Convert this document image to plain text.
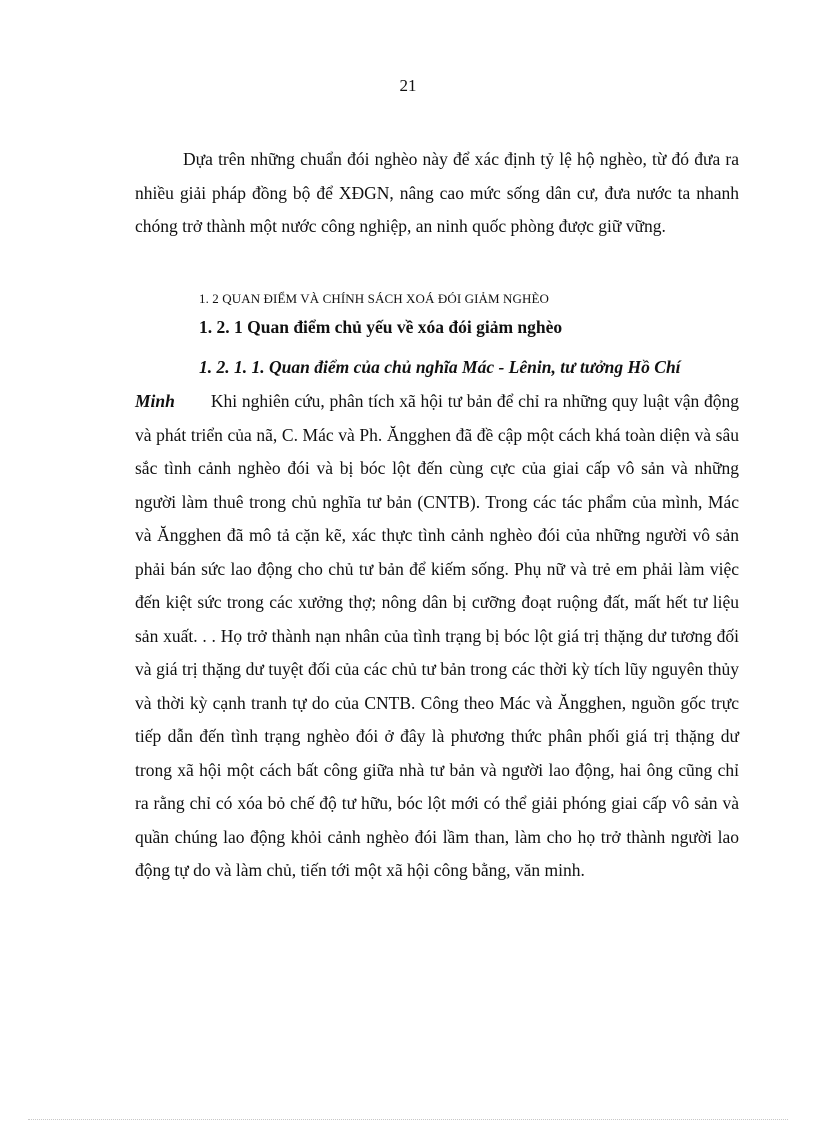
21

Dựa trên những chuẩn đói nghèo này để xác định tỷ lệ hộ nghèo, từ đó đưa ra nhiều giải pháp đồng bộ để XĐGN, nâng cao mức sống dân cư, đưa nước ta nhanh chóng trở thành một nước công nghiệp, an ninh quốc phòng được giữ vững.

1. 2 QUAN ĐIỂM VÀ CHÍNH SÁCH XOÁ ĐÓI GIẢM NGHÈO
1. 2. 1 Quan điểm chủ yếu về xóa đói giảm nghèo
1. 2. 1. 1. Quan điểm của chủ nghĩa Mác - Lênin, tư tưởng Hồ Chí

Minh Khi nghiên cứu, phân tích xã hội tư bản để chỉ ra những quy luật vận động và phát triển của nã, C. Mác và Ph. Ăngghen đã đề cập một cách khá toàn diện và sâu sắc tình cảnh nghèo đói và bị bóc lột đến cùng cực của giai cấp vô sản và những người làm thuê trong chủ nghĩa tư bản (CNTB). Trong các tác phẩm của mình, Mác và Ăngghen đã mô tả cặn kẽ, xác thực tình cảnh nghèo đói của những người vô sản phải bán sức lao động cho chủ tư bản để kiếm sống. Phụ nữ và trẻ em phải làm việc đến kiệt sức trong các xưởng thợ; nông dân bị cưỡng đoạt ruộng đất, mất hết tư liệu sản xuất. . . Họ trở thành nạn nhân của tình trạng bị bóc lột giá trị thặng dư tương đối và giá trị thặng dư tuyệt đối của các chủ tư bản trong các thời kỳ tích lũy nguyên thủy và thời kỳ cạnh tranh tự do của CNTB. Công theo Mác và Ăngghen, nguồn gốc trực tiếp dẫn đến tình trạng nghèo đói ở đây là phương thức phân phối giá trị thặng dư trong xã hội một cách bất công giữa nhà tư bản và người lao động, hai ông cũng chỉ ra rằng chỉ có xóa bỏ chế độ tư hữu, bóc lột mới có thể giải phóng giai cấp vô sản và quần chúng lao động khỏi cảnh nghèo đói lầm than, làm cho họ trở thành người lao động tự do và làm chủ, tiến tới một xã hội công bằng, văn minh.
